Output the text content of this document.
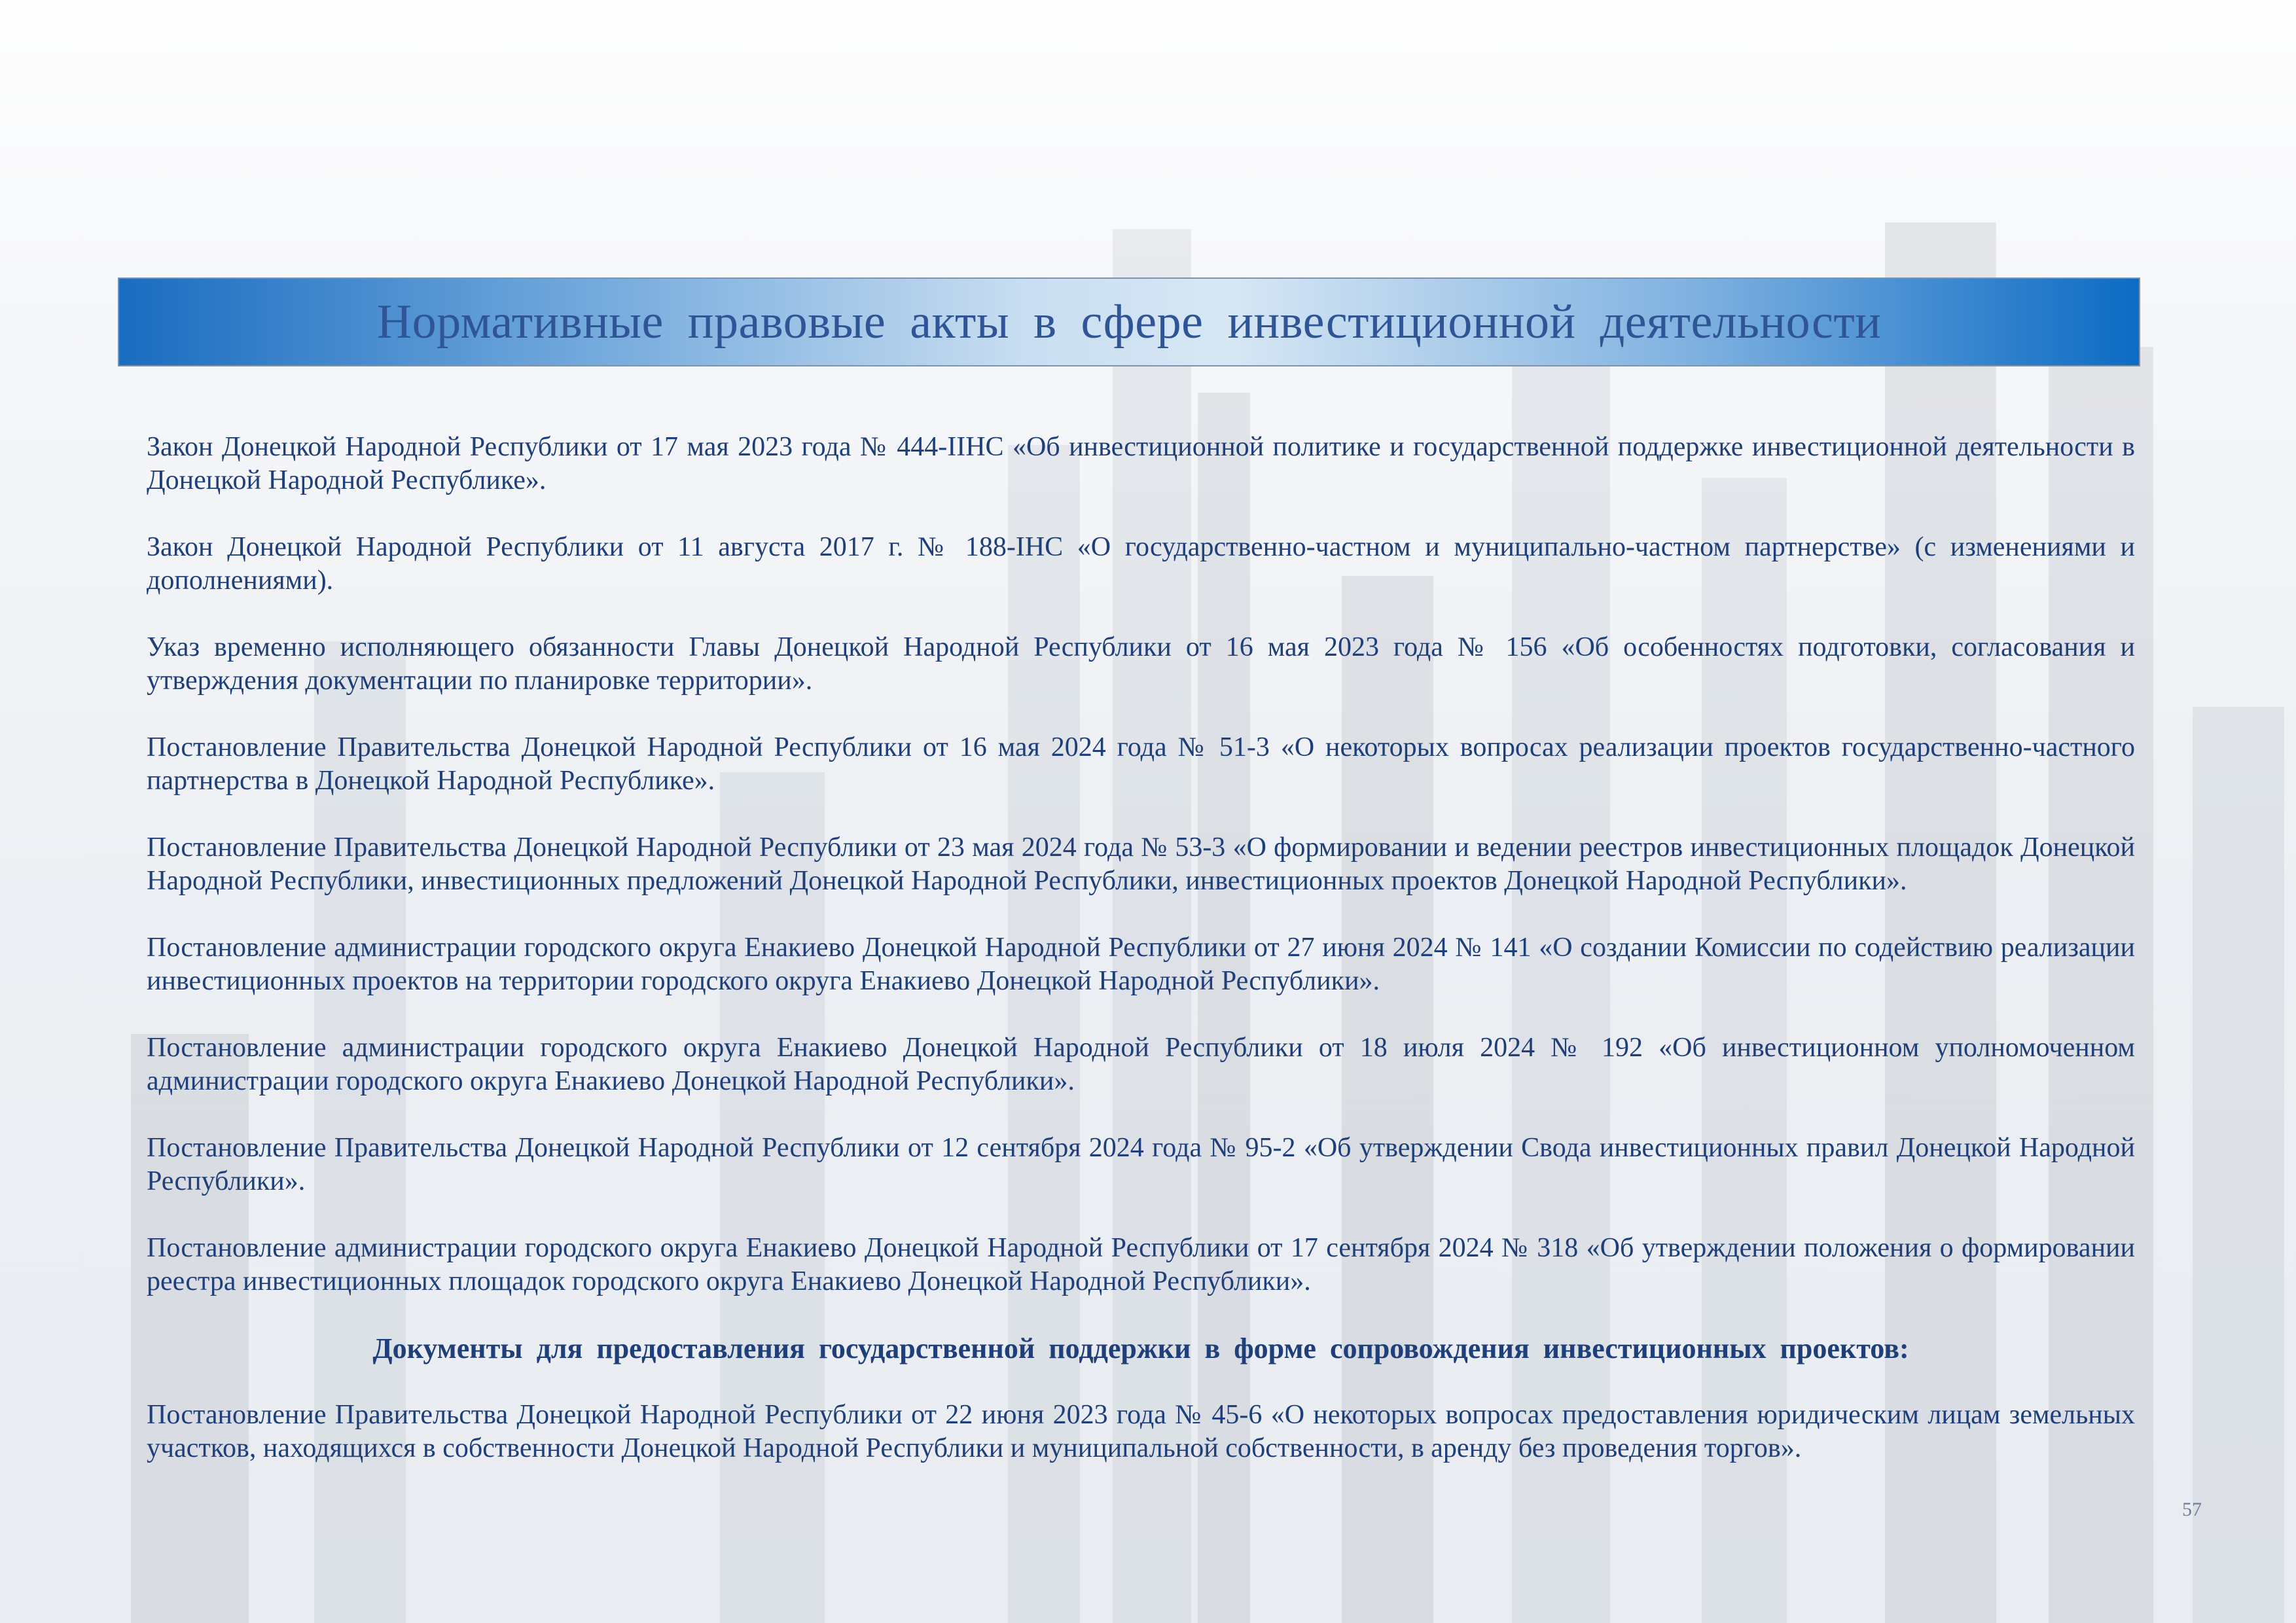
Нормативные правовые акты в сфере инвестиционной деятельности

Закон Донецкой Народной Республики от 17 мая 2023 года № 444-IIНС «Об инвестиционной политике и государственной поддержке инвестиционной деятельности в Донецкой Народной Республике».

Закон Донецкой Народной Республики от 11 августа 2017 г. № 188-IНС «О государственно-частном и муниципально-частном партнерстве» (с изменениями и дополнениями).

Указ временно исполняющего обязанности Главы Донецкой Народной Республики от 16 мая 2023 года № 156 «Об особенностях подготовки, согласования и утверждения документации по планировке территории».

Постановление Правительства Донецкой Народной Республики от 16 мая 2024 года № 51-3 «О некоторых вопросах реализации проектов государственно-частного партнерства в Донецкой Народной Республике».

Постановление Правительства Донецкой Народной Республики от 23 мая 2024 года № 53-3 «О формировании и ведении реестров инвестиционных площадок Донецкой Народной Республики, инвестиционных предложений Донецкой Народной Республики, инвестиционных проектов Донецкой Народной Республики».

Постановление администрации городского округа Енакиево Донецкой Народной Республики от 27 июня 2024 № 141 «О создании Комиссии по содействию реализации инвестиционных проектов на территории городского округа Енакиево Донецкой Народной Республики».

Постановление администрации городского округа Енакиево Донецкой Народной Республики от 18 июля 2024 № 192 «Об инвестиционном уполномоченном администрации городского округа Енакиево Донецкой Народной Республики».

Постановление Правительства Донецкой Народной Республики от 12 сентября 2024 года № 95-2 «Об утверждении Свода инвестиционных правил Донецкой Народной Республики».

Постановление администрации городского округа Енакиево Донецкой Народной Республики от 17 сентября 2024 № 318 «Об утверждении положения о формировании реестра инвестиционных площадок городского округа Енакиево Донецкой Народной Республики».

Документы для предоставления государственной поддержки в форме сопровождения инвестиционных проектов:

Постановление Правительства Донецкой Народной Республики от 22 июня 2023 года № 45-6 «О некоторых вопросах предоставления юридическим лицам земельных участков, находящихся в собственности Донецкой Народной Республики и муниципальной собственности, в аренду без проведения торгов».

57
